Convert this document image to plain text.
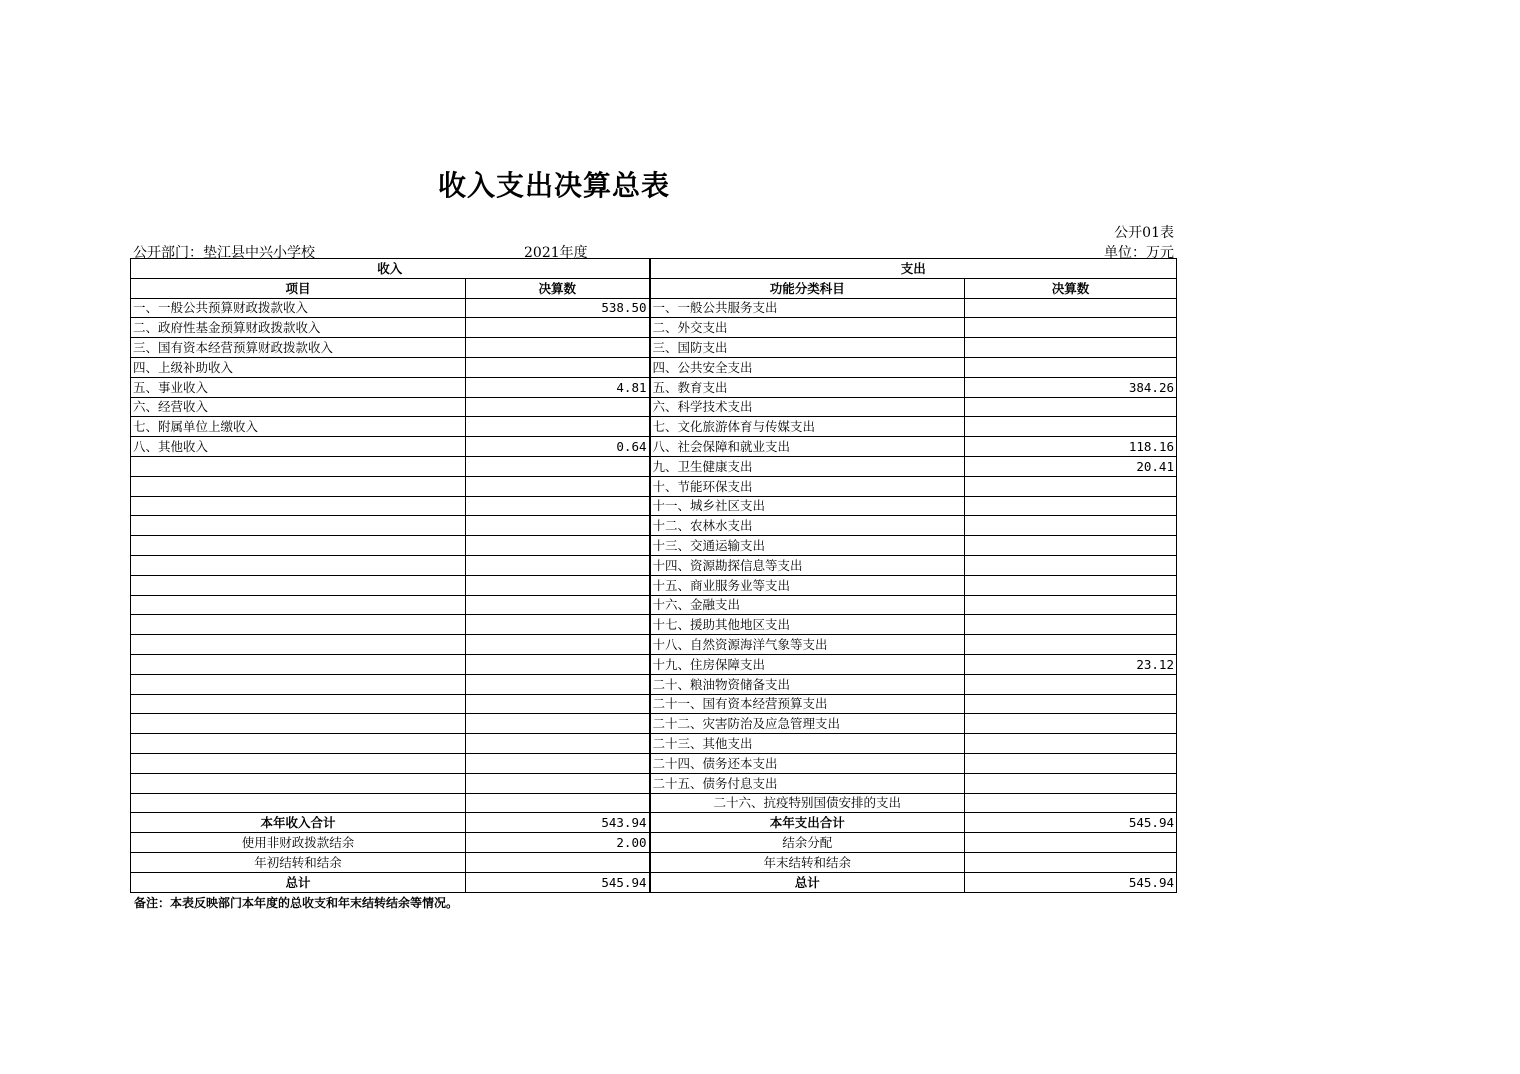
收入支出决算总表
公开01表
公开部门：垫江县中兴小学校	2021年度	单位：万元
收入		支出	
项目	决算数	功能分类科目	决算数
一、一般公共预算财政拨款收入	538.50	一、一般公共服务支出	
二、政府性基金预算财政拨款收入		二、外交支出	
三、国有资本经营预算财政拨款收入		三、国防支出	
四、上级补助收入		四、公共安全支出	
五、事业收入	4.81	五、教育支出	384.26
六、经营收入		六、科学技术支出	
七、附属单位上缴收入		七、文化旅游体育与传媒支出	
八、其他收入	0.64	八、社会保障和就业支出	118.16
		九、卫生健康支出	20.41
		十、节能环保支出	
		十一、城乡社区支出	
		十二、农林水支出	
		十三、交通运输支出	
		十四、资源勘探信息等支出	
		十五、商业服务业等支出	
		十六、金融支出	
		十七、援助其他地区支出	
		十八、自然资源海洋气象等支出	
		十九、住房保障支出	23.12
		二十、粮油物资储备支出	
		二十一、国有资本经营预算支出	
		二十二、灾害防治及应急管理支出	
		二十三、其他支出	
		二十四、债务还本支出	
		二十五、债务付息支出	
		二十六、抗疫特别国债安排的支出	
本年收入合计	543.94	本年支出合计	545.94
使用非财政拨款结余	2.00	结余分配	
年初结转和结余		年末结转和结余	
总计	545.94	总计	545.94
备注：本表反映部门本年度的总收支和年末结转结余等情况。
